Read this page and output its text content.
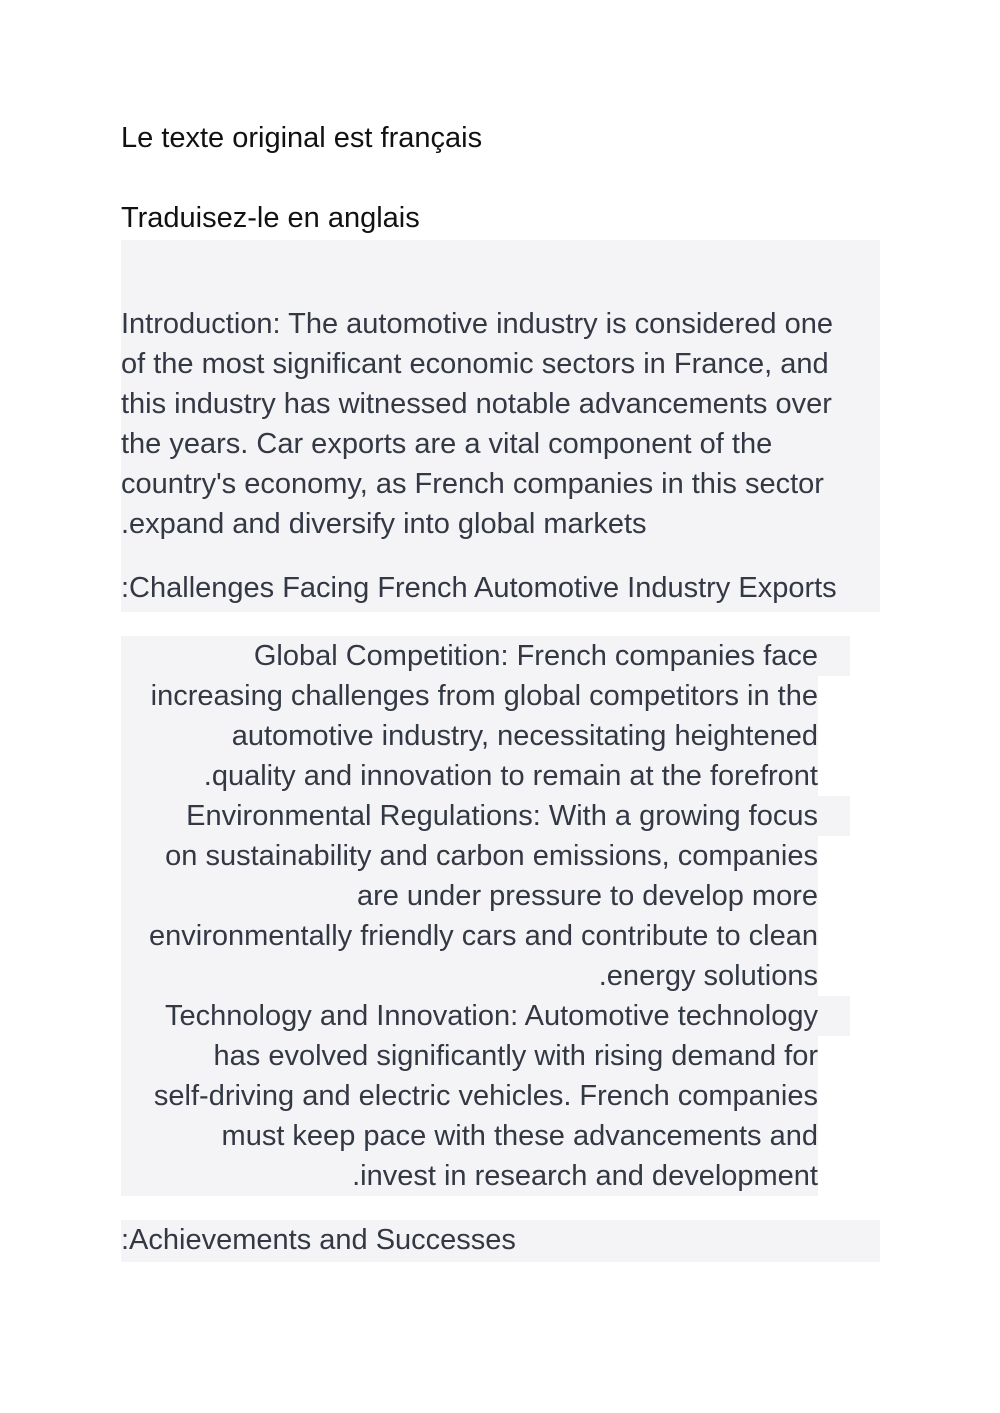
Le texte original est français

Traduisez-le en anglais

Introduction: The automotive industry is considered one
of the most significant economic sectors in France, and
this industry has witnessed notable advancements over
the years. Car exports are a vital component of the
country's economy, as French companies in this sector
.expand and diversify into global markets

:Challenges Facing French Automotive Industry Exports

Global Competition: French companies face
increasing challenges from global competitors in the
automotive industry, necessitating heightened
.quality and innovation to remain at the forefront

Environmental Regulations: With a growing focus
on sustainability and carbon emissions, companies
are under pressure to develop more
environmentally friendly cars and contribute to clean
.energy solutions

Technology and Innovation: Automotive technology
has evolved significantly with rising demand for
self-driving and electric vehicles. French companies
must keep pace with these advancements and
.invest in research and development

:Achievements and Successes
